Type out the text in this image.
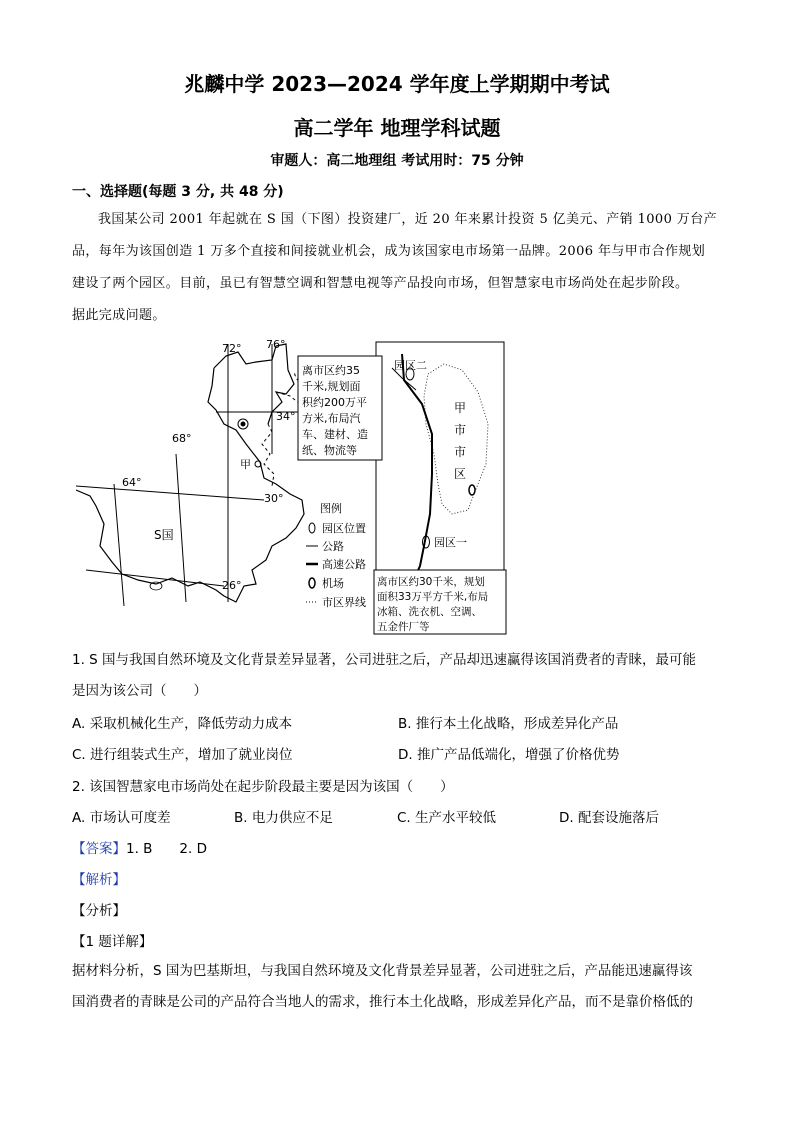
兆麟中学 2023—2024 学年度上学期期中考试
高二学年 地理学科试题
审题人：高二地理组 考试用时：75 分钟
一、选择题(每题 3 分, 共 48 分)
我国某公司 2001 年起就在 S 国（下图）投资建厂，近 20 年来累计投资 5 亿美元、产销 1000 万台产
品，每年为该国创造 1 万多个直接和间接就业机会，成为该国家电市场第一品牌。2006 年与甲市合作规划
建设了两个园区。目前，虽已有智慧空调和智慧电视等产品投向市场，但智慧家电市场尚处在起步阶段。
据此完成问题。
72° 76°
34°
68°
64°
30°
26°
S国
甲
图例
园区位置
公路
高速公路
机场
市区界线
园区二
园区一
甲
市
市
区
离市区约35
千米,规划面
积约200万平
方米,布局汽
车、建材、造
纸、物流等
离市区约30千米，规划
面积33万平方千米,布局
冰箱、洗衣机、空调、
五金件厂等
1. S 国与我国自然环境及文化背景差异显著，公司进驻之后，产品却迅速赢得该国消费者的青睐，最可能
是因为该公司（　　）
A. 采取机械化生产，降低劳动力成本	B. 推行本土化战略，形成差异化产品
C. 进行组装式生产，增加了就业岗位	D. 推广产品低端化，增强了价格优势
2. 该国智慧家电市场尚处在起步阶段最主要是因为该国（　　）
A. 市场认可度差	B. 电力供应不足	C. 生产水平较低	D. 配套设施落后
【答案】1. B　　2. D
【解析】
【分析】
【1 题详解】
据材料分析，S 国为巴基斯坦，与我国自然环境及文化背景差异显著，公司进驻之后，产品能迅速赢得该
国消费者的青睐是公司的产品符合当地人的需求，推行本土化战略，形成差异化产品，而不是靠价格低的
